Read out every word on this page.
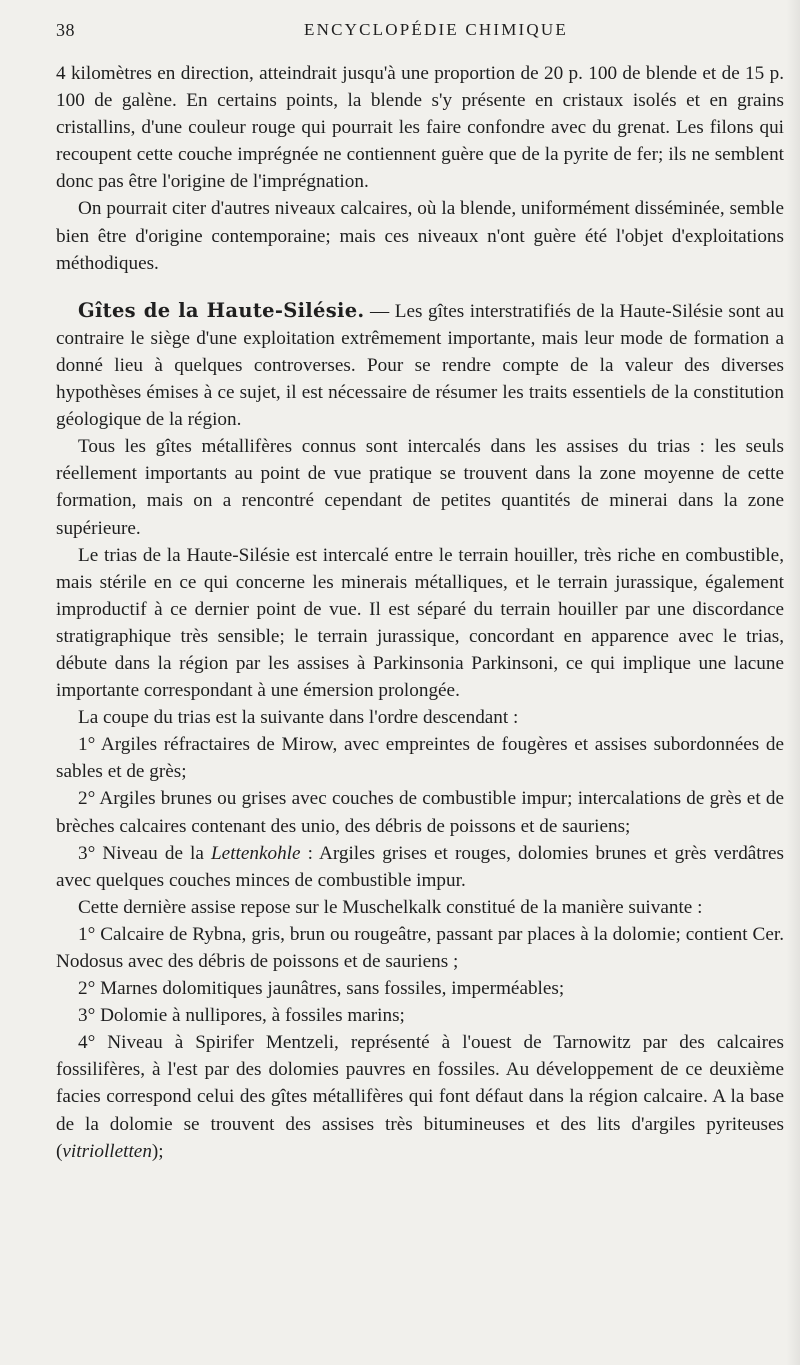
38	ENCYCLOPÉDIE CHIMIQUE

4 kilomètres en direction, atteindrait jusqu'à une proportion de 20 p. 100 de blende et de 15 p. 100 de galène. En certains points, la blende s'y présente en cristaux isolés et en grains cristallins, d'une couleur rouge qui pourrait les faire confondre avec du grenat. Les filons qui recoupent cette couche imprégnée ne contiennent guère que de la pyrite de fer; ils ne semblent donc pas être l'origine de l'imprégnation.

On pourrait citer d'autres niveaux calcaires, où la blende, uniformément disséminée, semble bien être d'origine contemporaine; mais ces niveaux n'ont guère été l'objet d'exploitations méthodiques.

Gîtes de la Haute-Silésie. — Les gîtes interstratifiés de la Haute-Silésie sont au contraire le siège d'une exploitation extrêmement importante, mais leur mode de formation a donné lieu à quelques controverses. Pour se rendre compte de la valeur des diverses hypothèses émises à ce sujet, il est nécessaire de résumer les traits essentiels de la constitution géologique de la région.

Tous les gîtes métallifères connus sont intercalés dans les assises du trias : les seuls réellement importants au point de vue pratique se trouvent dans la zone moyenne de cette formation, mais on a rencontré cependant de petites quantités de minerai dans la zone supérieure.

Le trias de la Haute-Silésie est intercalé entre le terrain houiller, très riche en combustible, mais stérile en ce qui concerne les minerais métalliques, et le terrain jurassique, également improductif à ce dernier point de vue. Il est séparé du terrain houiller par une discordance stratigraphique très sensible; le terrain jurassique, concordant en apparence avec le trias, débute dans la région par les assises à Parkinsonia Parkinsoni, ce qui implique une lacune importante correspondant à une émersion prolongée.

La coupe du trias est la suivante dans l'ordre descendant :

1° Argiles réfractaires de Mirow, avec empreintes de fougères et assises subordonnées de sables et de grès;

2° Argiles brunes ou grises avec couches de combustible impur; intercalations de grès et de brèches calcaires contenant des unio, des débris de poissons et de sauriens;

3° Niveau de la Lettenkohle : Argiles grises et rouges, dolomies brunes et grès verdâtres avec quelques couches minces de combustible impur.

Cette dernière assise repose sur le Muschelkalk constitué de la manière suivante :

1° Calcaire de Rybna, gris, brun ou rougeâtre, passant par places à la dolomie; contient Cer. Nodosus avec des débris de poissons et de sauriens ;

2° Marnes dolomitiques jaunâtres, sans fossiles, imperméables;

3° Dolomie à nullipores, à fossiles marins;

4° Niveau à Spirifer Mentzeli, représenté à l'ouest de Tarnowitz par des calcaires fossilifères, à l'est par des dolomies pauvres en fossiles. Au développement de ce deuxième facies correspond celui des gîtes métallifères qui font défaut dans la région calcaire. A la base de la dolomie se trouvent des assises très bitumineuses et des lits d'argiles pyriteuses (vitriolletten);
